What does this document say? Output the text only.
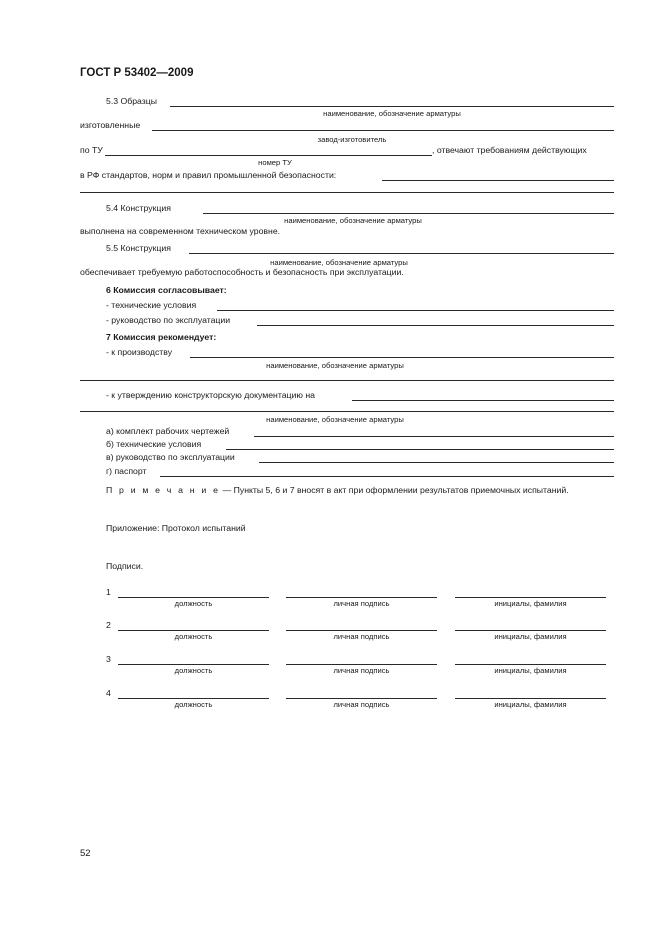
ГОСТ Р 53402—2009
5.3 Образцы
наименование, обозначение арматуры
изготовленные
завод-изготовитель
по ТУ	, отвечают требованиям действующих
номер ТУ
в РФ стандартов, норм и правил промышленной безопасности:
5.4 Конструкция
наименование, обозначение арматуры
выполнена на современном техническом уровне.
5.5 Конструкция
наименование, обозначение арматуры
обеспечивает требуемую работоспособность и безопасность при эксплуатации.
6 Комиссия согласовывает:
- технические условия
- руководство по эксплуатации
7 Комиссия рекомендует:
- к производству
наименование, обозначение арматуры
- к утверждению конструкторскую документацию на
наименование, обозначение арматуры
а) комплект рабочих чертежей
б) технические условия
в) руководство по эксплуатации
г) паспорт
П р и м е ч а н и е — Пункты 5, 6 и 7 вносят в акт при оформлении результатов приемочных испытаний.
Приложение: Протокол испытаний
Подписи.
1
должность	личная подпись	инициалы, фамилия
2
должность	личная подпись	инициалы, фамилия
3
должность	личная подпись	инициалы, фамилия
4
должность	личная подпись	инициалы, фамилия
52
